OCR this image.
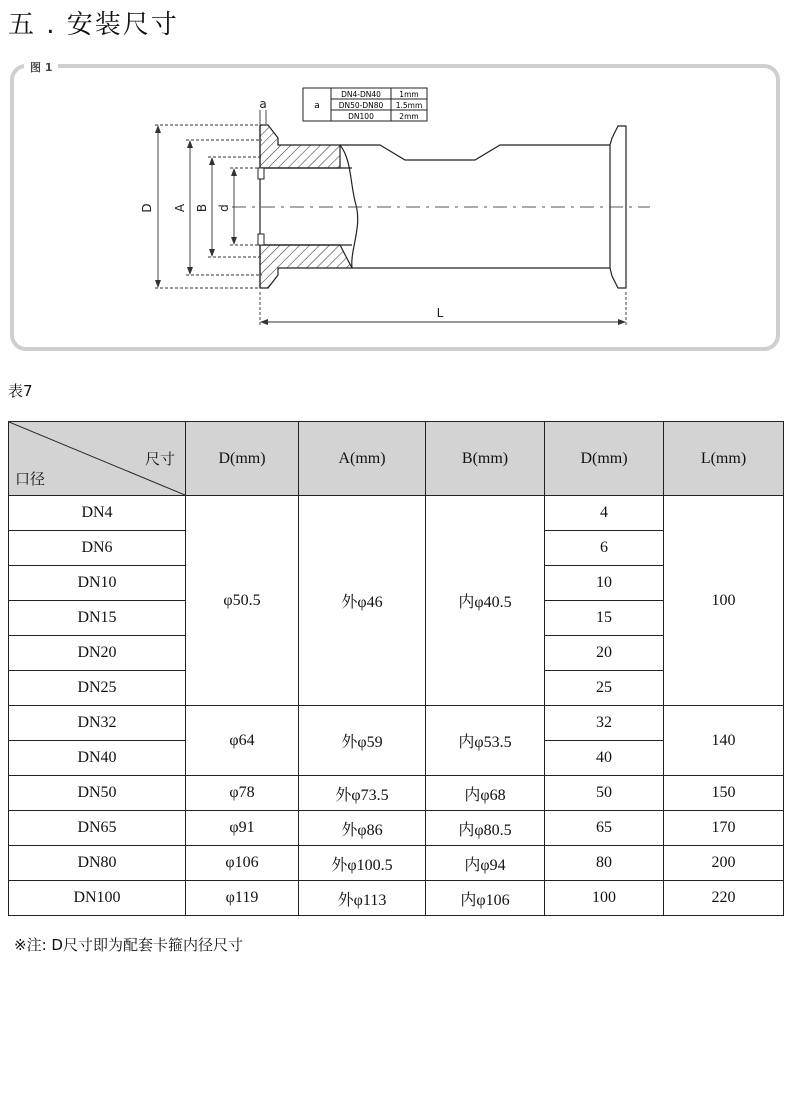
五 . 安装尺寸
图 1
a
DN4-DN40 1mm
DN50-DN80 1.5mm
DN100	2mm
D A B d
a
L
表7
尺寸
口径	D(mm)	A(mm)	B(mm)	D(mm)	L(mm)
DN4	φ50.5	外φ46	内φ40.5	4	100
DN6				6	
DN10				10	
DN15				15	
DN20				20	
DN25				25	
DN32	φ64	外φ59	内φ53.5	32	140
DN40				40	
DN50	φ78	外φ73.5	内φ68	50	150
DN65	φ91	外φ86	内φ80.5	65	170
DN80	φ106	外φ100.5	内φ94	80	200
DN100	φ119	外φ113	内φ106	100	220
※注: D尺寸即为配套卡箍内径尺寸
